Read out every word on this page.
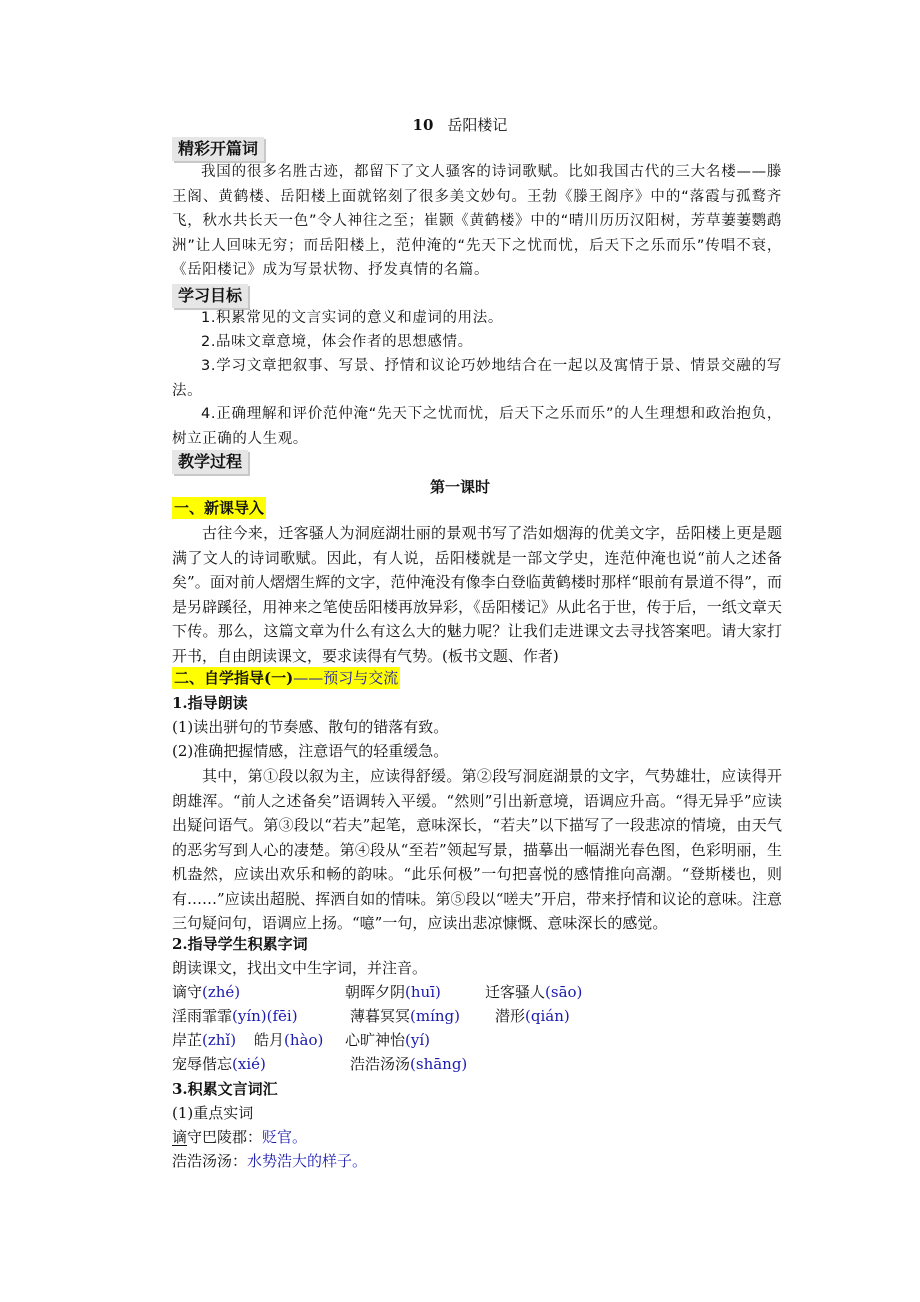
10 岳阳楼记
精彩开篇词

我国的很多名胜古迹，都留下了文人骚客的诗词歌赋。比如我国古代的三大名楼——滕王阁、黄鹤楼、岳阳楼上面就铭刻了很多美文妙句。王勃《滕王阁序》中的“落霞与孤鹜齐飞，秋水共长天一色”令人神往之至；崔颢《黄鹤楼》中的“晴川历历汉阳树，芳草萋萋鹦鹉洲”让人回味无穷；而岳阳楼上，范仲淹的“先天下之忧而忧，后天下之乐而乐”传唱不衰，《岳阳楼记》成为写景状物、抒发真情的名篇。

学习目标

1.积累常见的文言实词的意义和虚词的用法。

2.品味文章意境，体会作者的思想感情。

3.学习文章把叙事、写景、抒情和议论巧妙地结合在一起以及寓情于景、情景交融的写法。

4.正确理解和评价范仲淹“先天下之忧而忧，后天下之乐而乐”的人生理想和政治抱负，树立正确的人生观。

教学过程
第一课时
一、新课导入

古往今来，迁客骚人为洞庭湖壮丽的景观书写了浩如烟海的优美文字，岳阳楼上更是题满了文人的诗词歌赋。因此，有人说，岳阳楼就是一部文学史，连范仲淹也说“前人之述备矣”。面对前人熠熠生辉的文字，范仲淹没有像李白登临黄鹤楼时那样“眼前有景道不得”，而是另辟蹊径，用神来之笔使岳阳楼再放异彩，《岳阳楼记》从此名于世，传于后，一纸文章天下传。那么，这篇文章为什么有这么大的魅力呢？让我们走进课文去寻找答案吧。请大家打开书，自由朗读课文，要求读得有气势。(板书文题、作者)

二、自学指导(一)——预习与交流
1.指导朗读
(1)读出骈句的节奏感、散句的错落有致。
(2)准确把握情感，注意语气的轻重缓急。

其中，第①段以叙为主，应读得舒缓。第②段写洞庭湖景的文字，气势雄壮，应读得开朗雄浑。“前人之述备矣”语调转入平缓。“然则”引出新意境，语调应升高。“得无异乎”应读出疑问语气。第③段以“若夫”起笔，意味深长，“若夫”以下描写了一段悲凉的情境，由天气的恶劣写到人心的凄楚。第④段从“至若”领起写景，描摹出一幅湖光春色图，色彩明丽，生机盎然，应读出欢乐和畅的韵味。“此乐何极”一句把喜悦的感情推向高潮。“登斯楼也，则有……”应读出超脱、挥洒自如的情味。第⑤段以“嗟夫”开启，带来抒情和议论的意味。注意三句疑问句，语调应上扬。“噫”一句，应读出悲凉慷慨、意味深长的感觉。

2.指导学生积累字词
朗读课文，找出文中生字词，并注音。
谪守(zhé)	朝晖夕阴(huī)	迁客骚人(sāo)
淫雨霏霏(yín)(fēi)	薄暮冥冥(míng) 潜形(qián)
岸芷(zhǐ) 皓月(hào) 心旷神怡(yí)
宠辱偕忘(xié)	浩浩汤汤(shāng)
3.积累文言词汇
(1)重点实词
谪守巴陵郡：贬官。
浩浩汤汤：水势浩大的样子。
